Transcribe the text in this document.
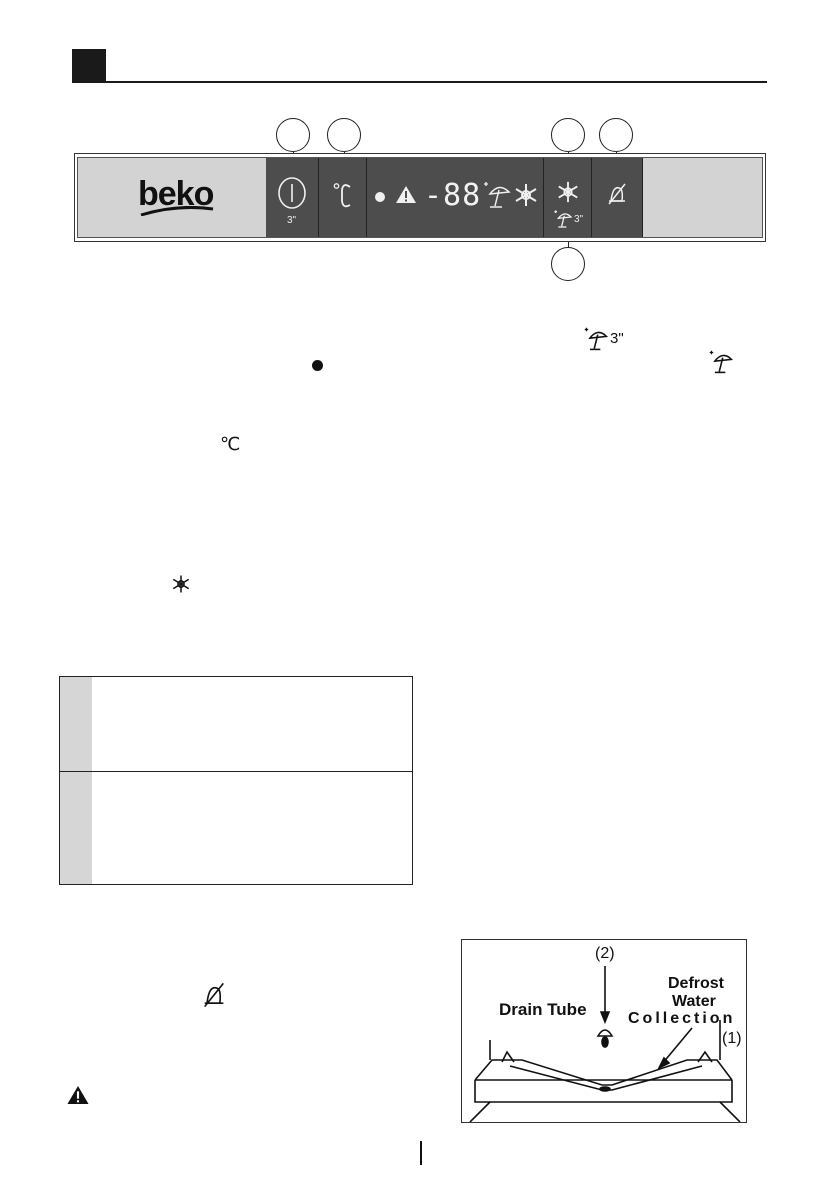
beko
3"
-88
3"
3"
℃
(2)
Defrost
Water
Collection
Drain Tube
(1)
